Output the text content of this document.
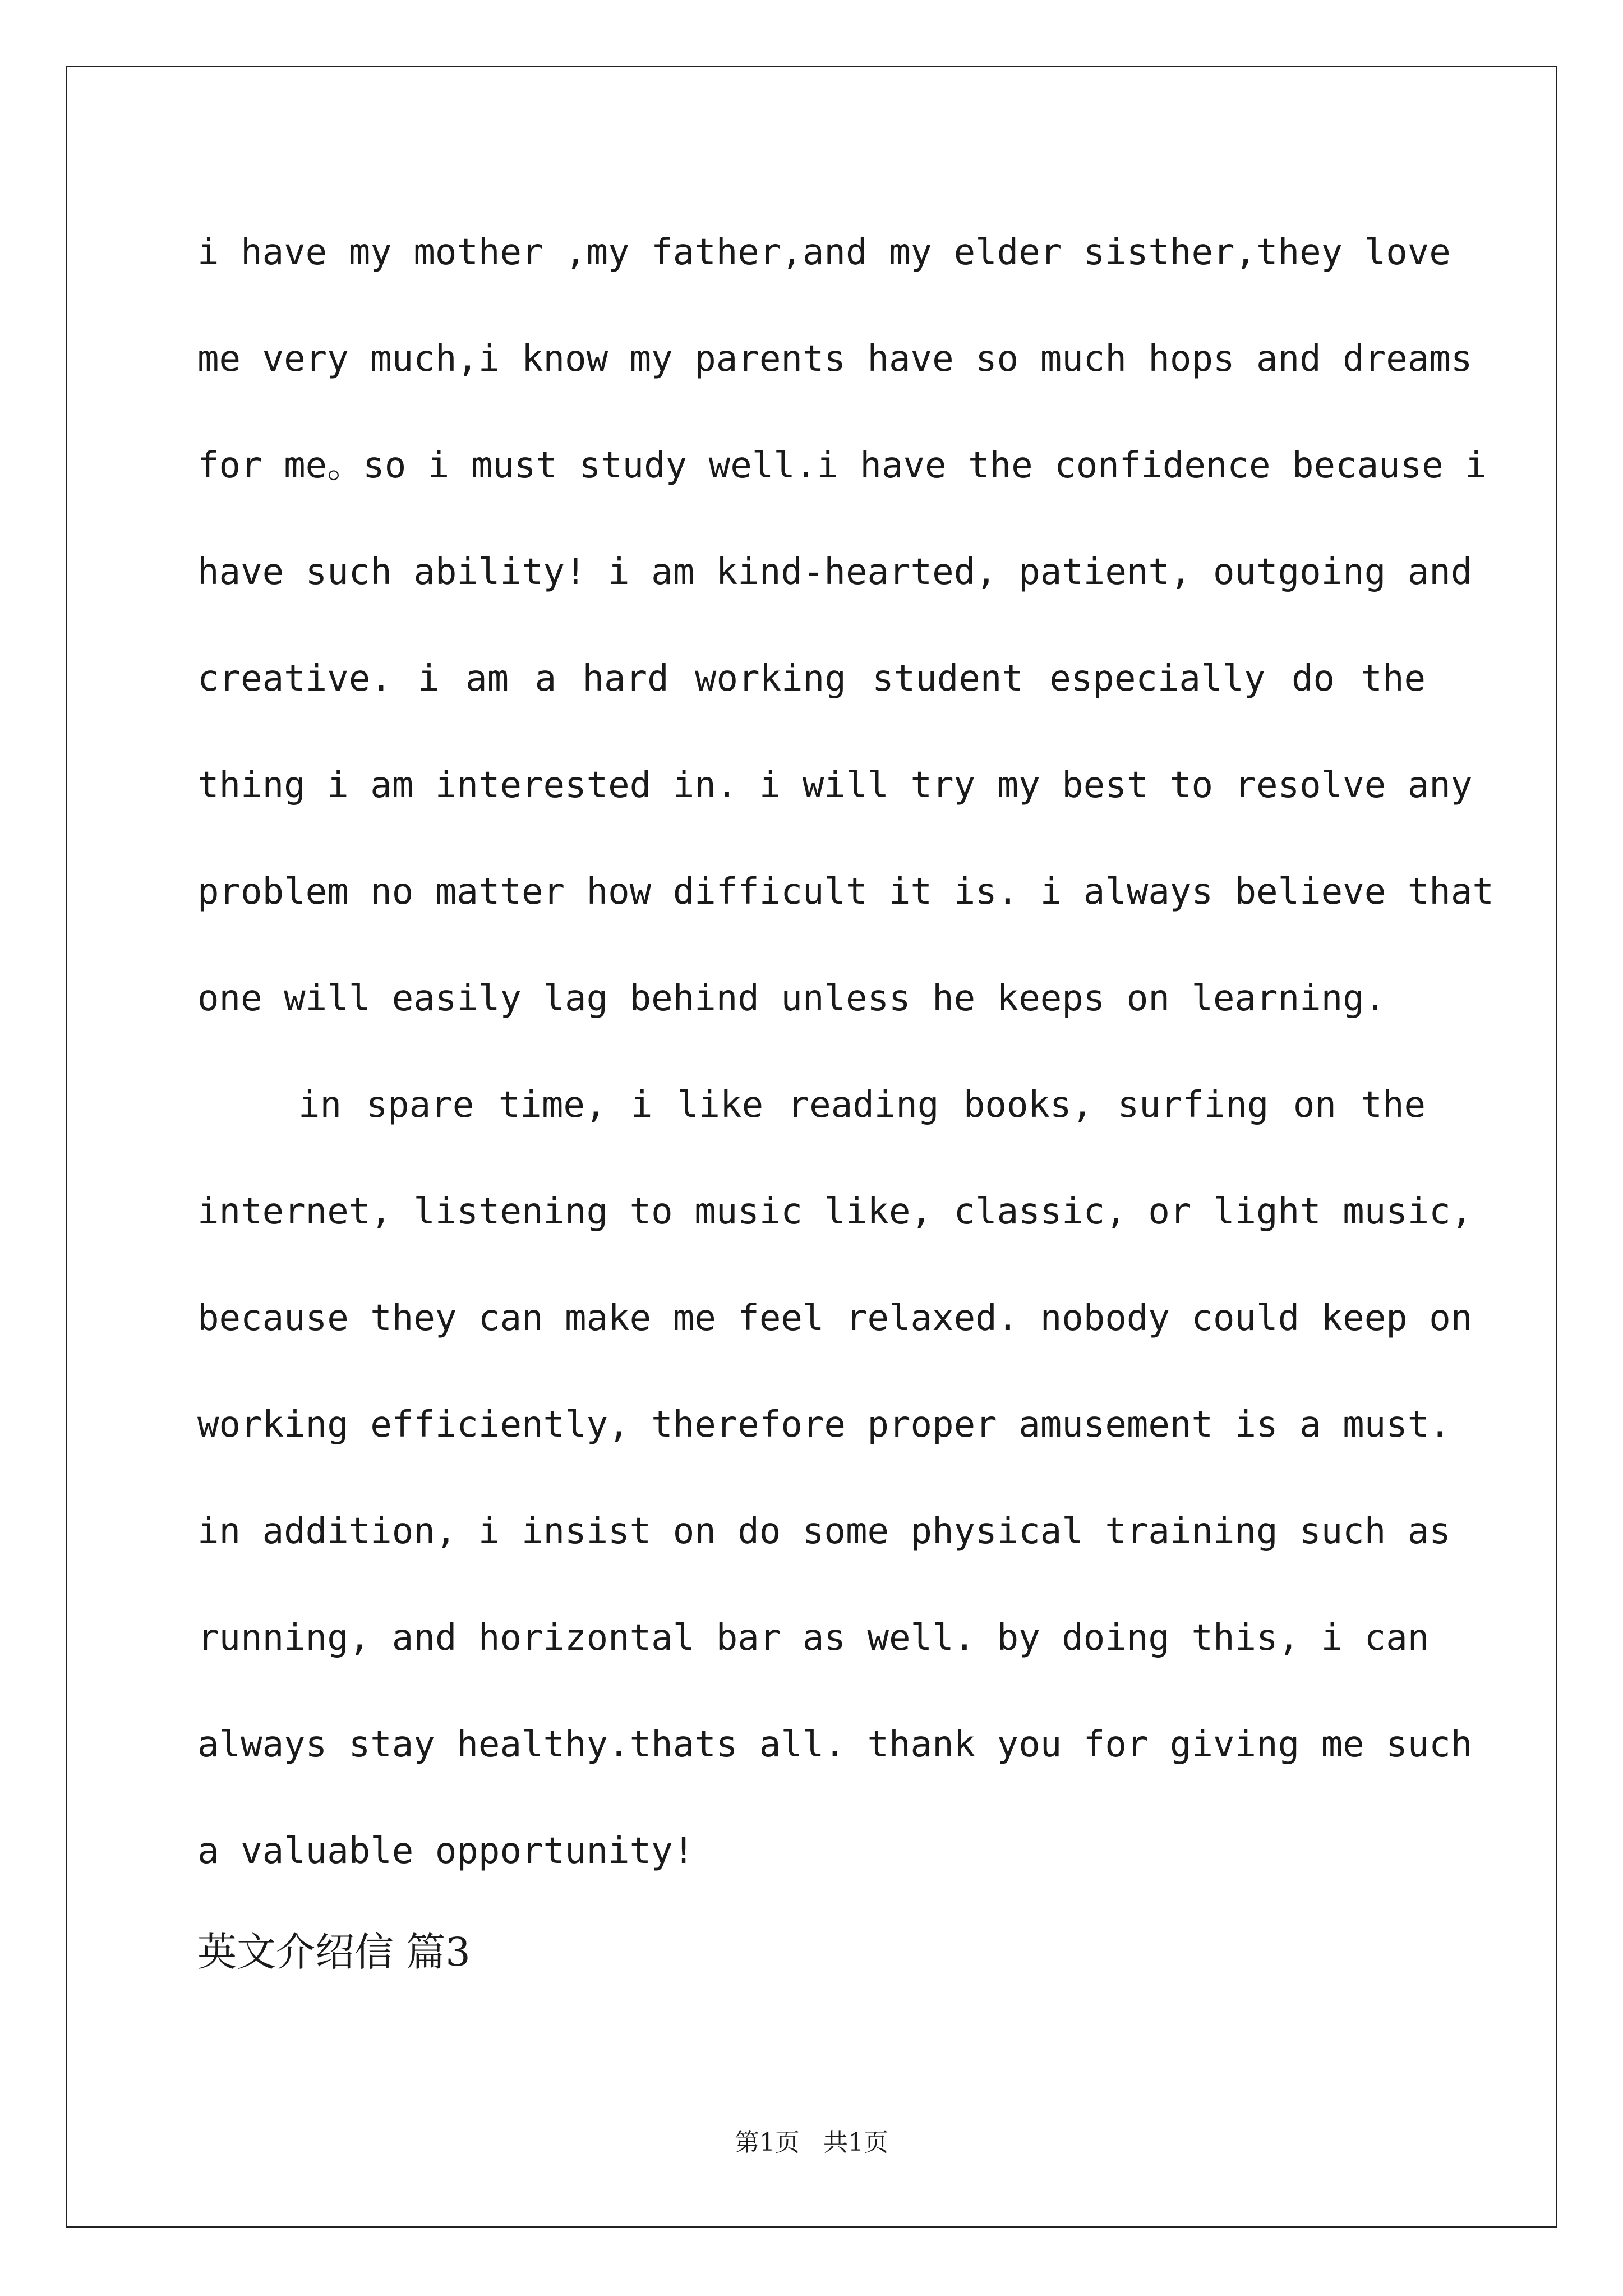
i have my mother ,my father,and my elder sisther,they love
me very much,i know my parents have so much hops and dreams
for me。so i must study well.i have the confidence because i
have such ability! i am kind-hearted, patient, outgoing and
creative. i am a hard working student especially do the
thing i am interested in. i will try my best to resolve any
problem no matter how difficult it is. i always believe that
one will easily lag behind unless he keeps on learning.
in spare time, i like reading books, surfing on the
internet, listening to music like, classic, or light music,
because they can make me feel relaxed. nobody could keep on
working efficiently, therefore proper amusement is a must.
in addition, i insist on do some physical training such as
running, and horizontal bar as well. by doing this, i can
always stay healthy.thats all. thank you for giving me such
a valuable opportunity!
英文介绍信 篇3
第1页   共1页
